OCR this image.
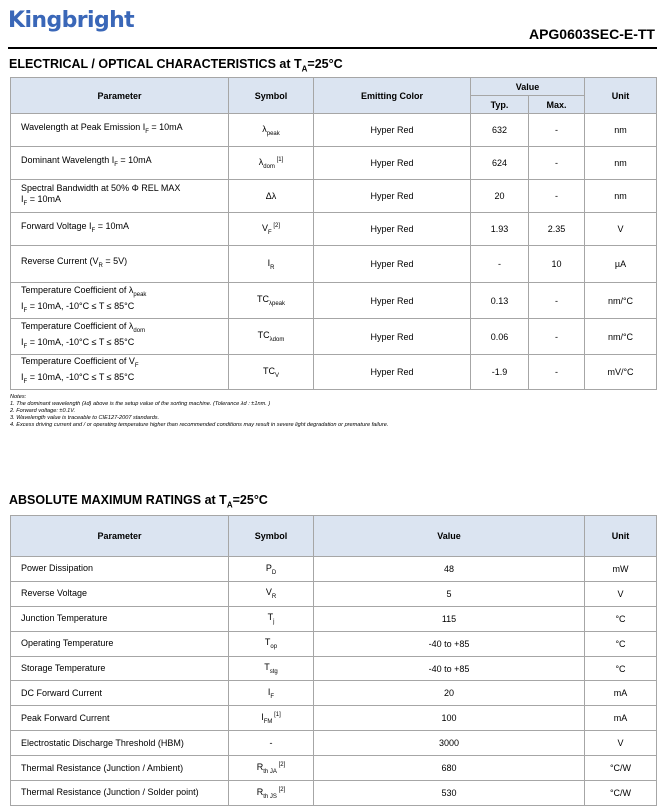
Kingbright
APG0603SEC-E-TT
ELECTRICAL / OPTICAL CHARACTERISTICS at $T_A=25^\circ C$
Parameter	Symbol	Emitting Color	Value		Unit
			Typ.	Max.	

Wavelength at Peak Emission $I_F = 10mA$	$\lambda_{peak}$	Hyper Red	632	-	nm

Dominant Wavelength $I_F = 10mA$	$\lambda_{dom}$ [1]	Hyper Red	624	-	nm

Spectral Bandwidth at 50% Φ REL MAX
$I_F = 10mA$	Δλ	Hyper Red	20	-	nm

Forward Voltage $I_F = 10mA$	$V_F$ [2]	Hyper Red	1.93	2.35	V

Reverse Current $(V_R = 5V)$	$I_R$	Hyper Red	-	10	µA

Temperature Coefficient of $\lambda_{peak}$
$I_F = 10mA$, -10°C ≤ T ≤ 85°C	$TC_{\lambda peak}$	Hyper Red	0.13	-	nm/°C

Temperature Coefficient of $\lambda_{dom}$
$I_F = 10mA$, -10°C ≤ T ≤ 85°C	$TC_{\lambda dom}$	Hyper Red	0.06	-	nm/°C

Temperature Coefficient of $V_F$
$I_F = 10mA$, -10°C ≤ T ≤ 85°C	$TC_V$	Hyper Red	-1.9	-	mV/°C
Notes:
1. The dominant wavelength (λd) above is the setup value of the sorting machine. (Tolerance λd : ±1nm. )
2. Forward voltage: ±0.1V.
3. Wavelength value is traceable to CIE127-2007 standards.
4. Excess driving current and / or operating temperature higher than recommended conditions may result in severe light degradation or premature failure.
ABSOLUTE MAXIMUM RATINGS at $T_A=25^\circ C$
Parameter	Symbol	Value	Unit
Power Dissipation	$P_D$	48	mW
Reverse Voltage	$V_R$	5	V
Junction Temperature	$T_j$	115	°C
Operating Temperature	$T_{op}$	-40 to +85	°C
Storage Temperature	$T_{stg}$	-40 to +85	°C
DC Forward Current	$I_F$	20	mA
Peak Forward Current	$I_{FM}$ [1]	100	mA
Electrostatic Discharge Threshold (HBM)	-	3000	V
Thermal Resistance (Junction / Ambient)	$R_{th JA}$ [2]	680	°C/W
Thermal Resistance (Junction / Solder point)	$R_{th JS}$ [2]	530	°C/W
